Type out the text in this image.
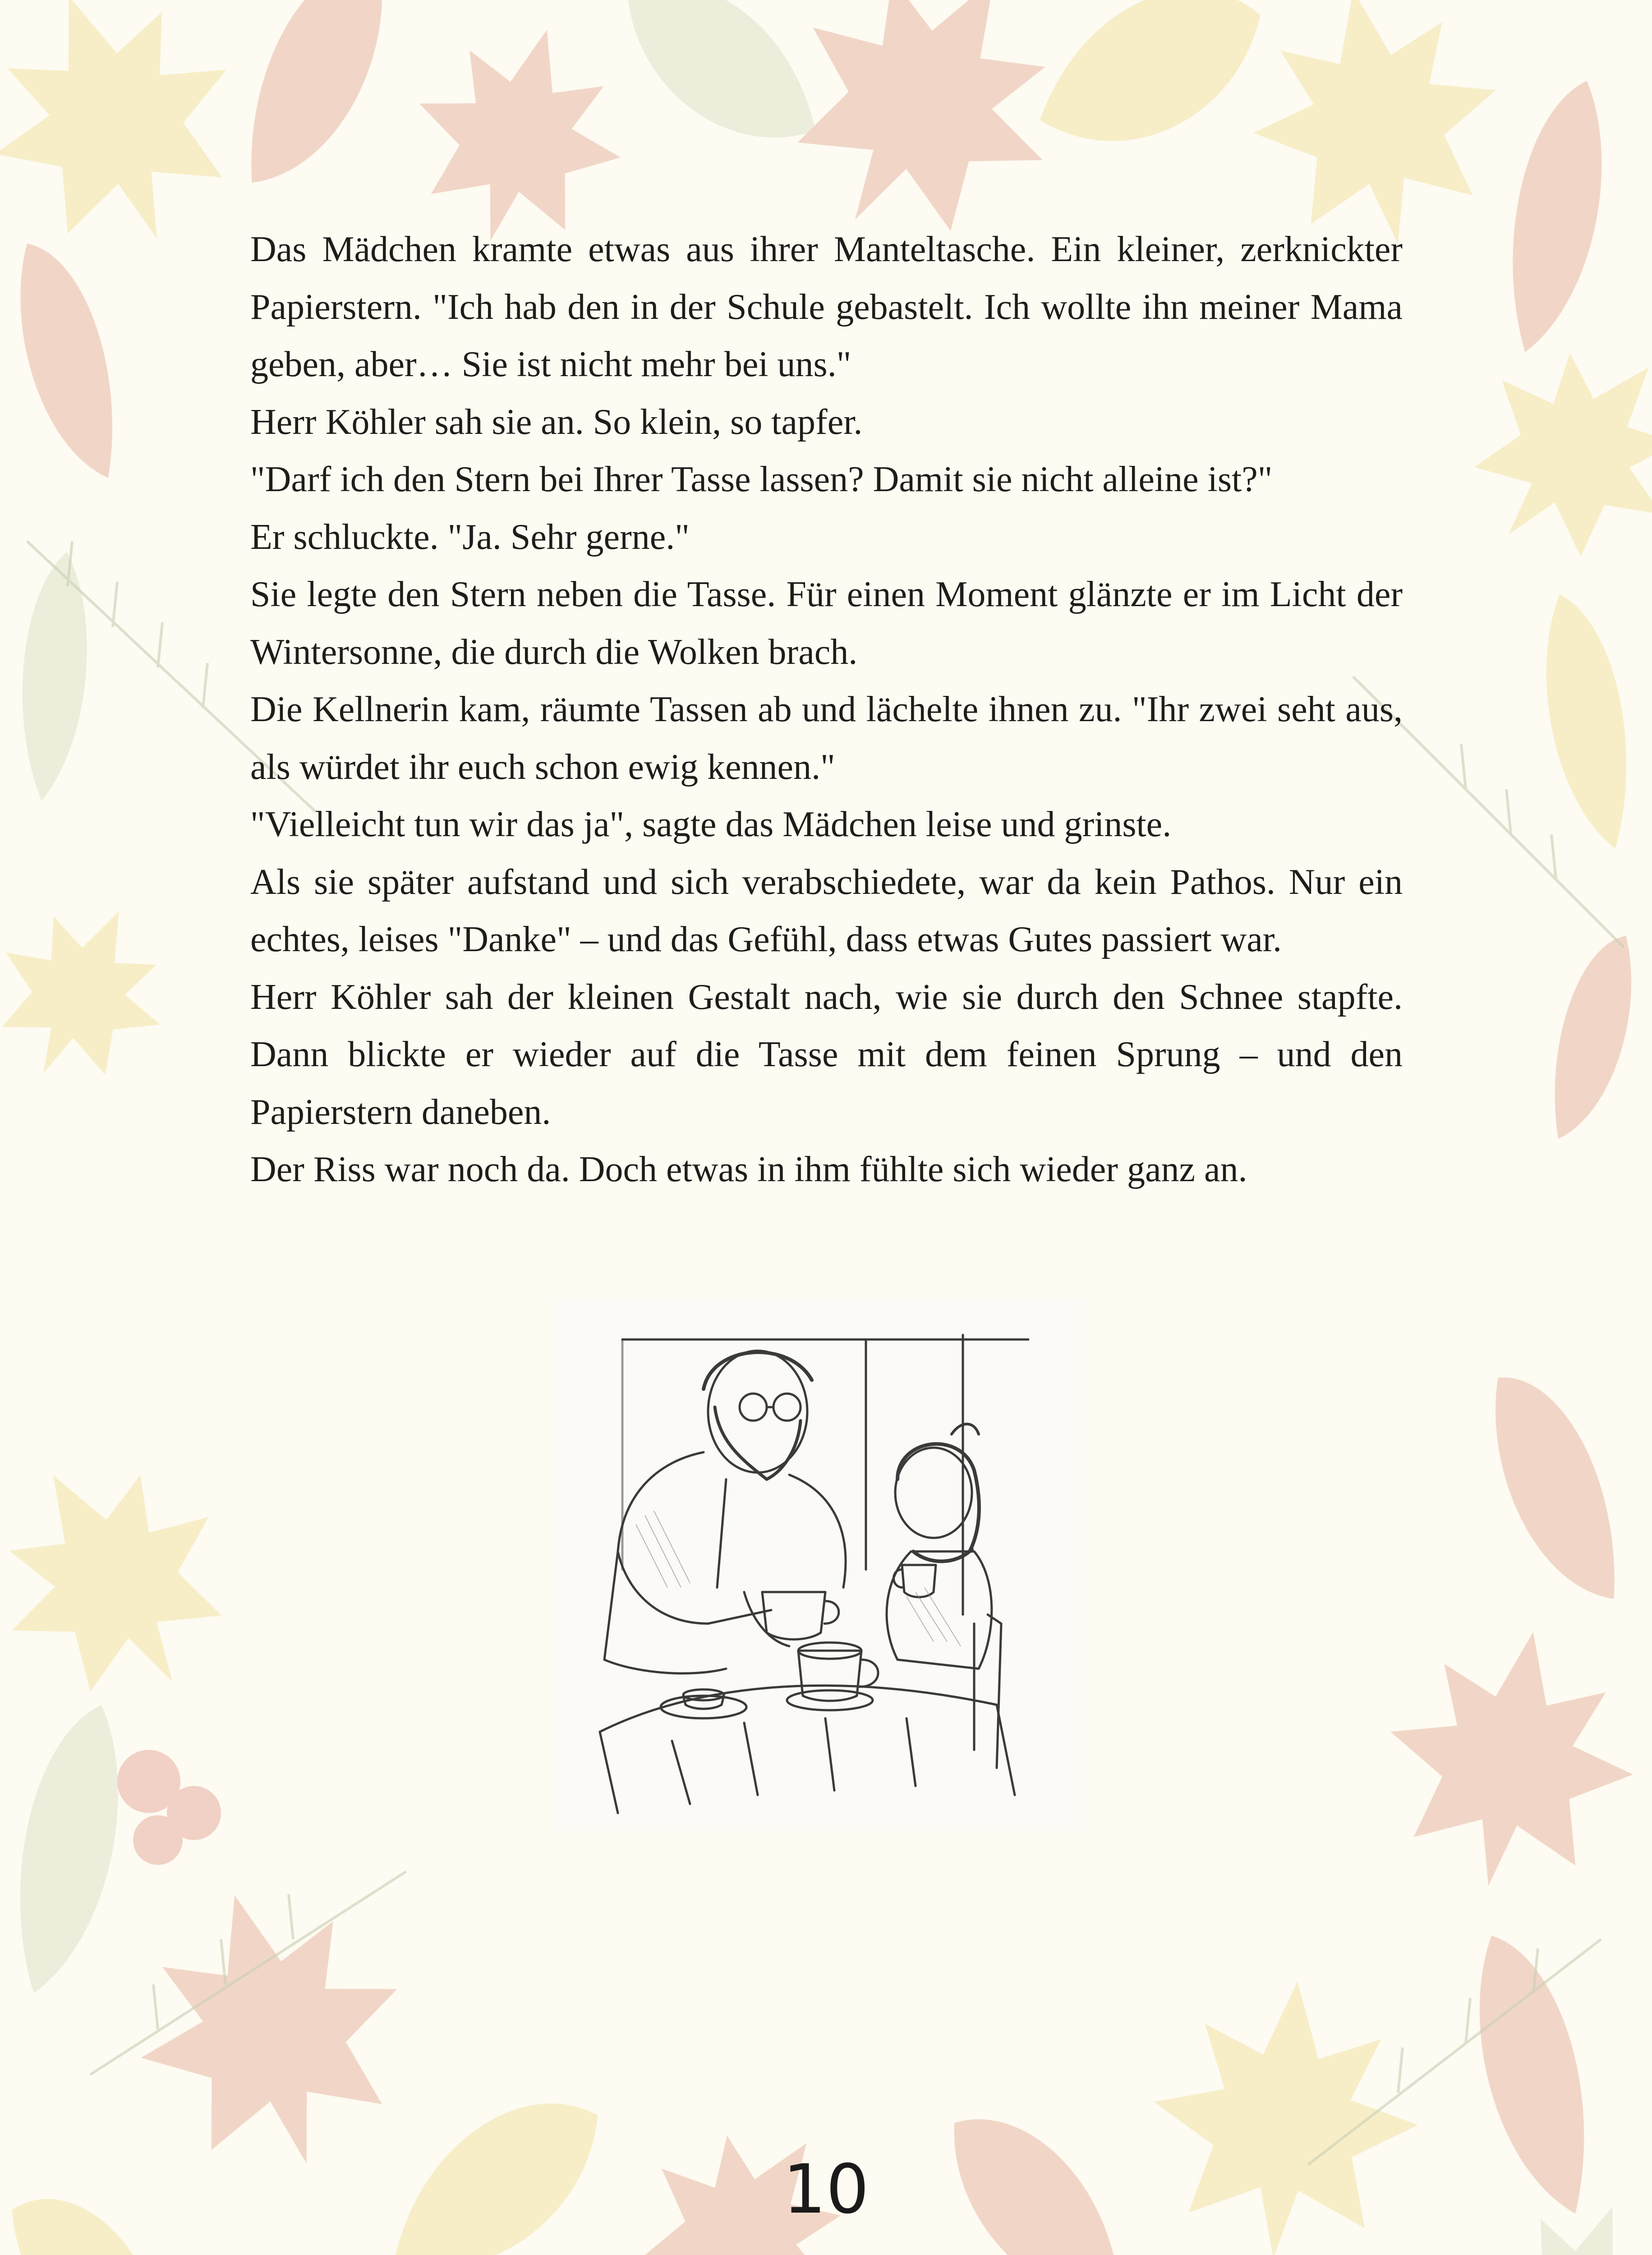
Das Mädchen kramte etwas aus ihrer Manteltasche. Ein kleiner, zerknickter Papierstern. "Ich hab den in der Schule gebastelt. Ich wollte ihn meiner Mama geben, aber… Sie ist nicht mehr bei uns."

Herr Köhler sah sie an. So klein, so tapfer.

"Darf ich den Stern bei Ihrer Tasse lassen? Damit sie nicht alleine ist?"

Er schluckte. "Ja. Sehr gerne."

Sie legte den Stern neben die Tasse. Für einen Moment glänzte er im Licht der Wintersonne, die durch die Wolken brach.

Die Kellnerin kam, räumte Tassen ab und lächelte ihnen zu. "Ihr zwei seht aus, als würdet ihr euch schon ewig kennen."

"Vielleicht tun wir das ja", sagte das Mädchen leise und grinste.

Als sie später aufstand und sich verabschiedete, war da kein Pathos. Nur ein echtes, leises "Danke" – und das Gefühl, dass etwas Gutes passiert war.

Herr Köhler sah der kleinen Gestalt nach, wie sie durch den Schnee stapfte. Dann blickte er wieder auf die Tasse mit dem feinen Sprung – und den Papierstern daneben.

Der Riss war noch da. Doch etwas in ihm fühlte sich wieder ganz an.

10
